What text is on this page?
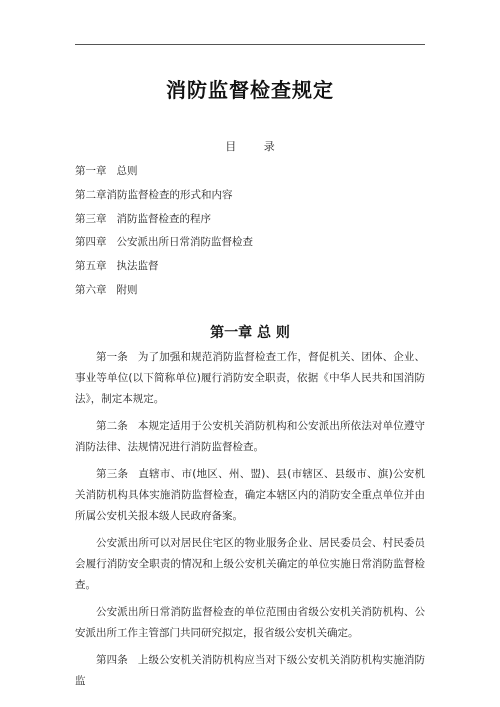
消防监督检查规定
目	录
第一章 总则
第二章消防监督检查的形式和内容
第三章 消防监督检查的程序
第四章 公安派出所日常消防监督检查
第五章 执法监督
第六章 附则
第一章 总 则

第一条 为了加强和规范消防监督检查工作，督促机关、团体、企业、事业等单位(以下简称单位)履行消防安全职责，依据《中华人民共和国消防法》，制定本规定。

第二条 本规定适用于公安机关消防机构和公安派出所依法对单位遵守消防法律、法规情况进行消防监督检查。

第三条 直辖市、市(地区、州、盟)、县(市辖区、县级市、旗)公安机关消防机构具体实施消防监督检查，确定本辖区内的消防安全重点单位并由所属公安机关报本级人民政府备案。

公安派出所可以对居民住宅区的物业服务企业、居民委员会、村民委员会履行消防安全职责的情况和上级公安机关确定的单位实施日常消防监督检查。

公安派出所日常消防监督检查的单位范围由省级公安机关消防机构、公安派出所工作主管部门共同研究拟定，报省级公安机关确定。

第四条 上级公安机关消防机构应当对下级公安机关消防机构实施消防监
